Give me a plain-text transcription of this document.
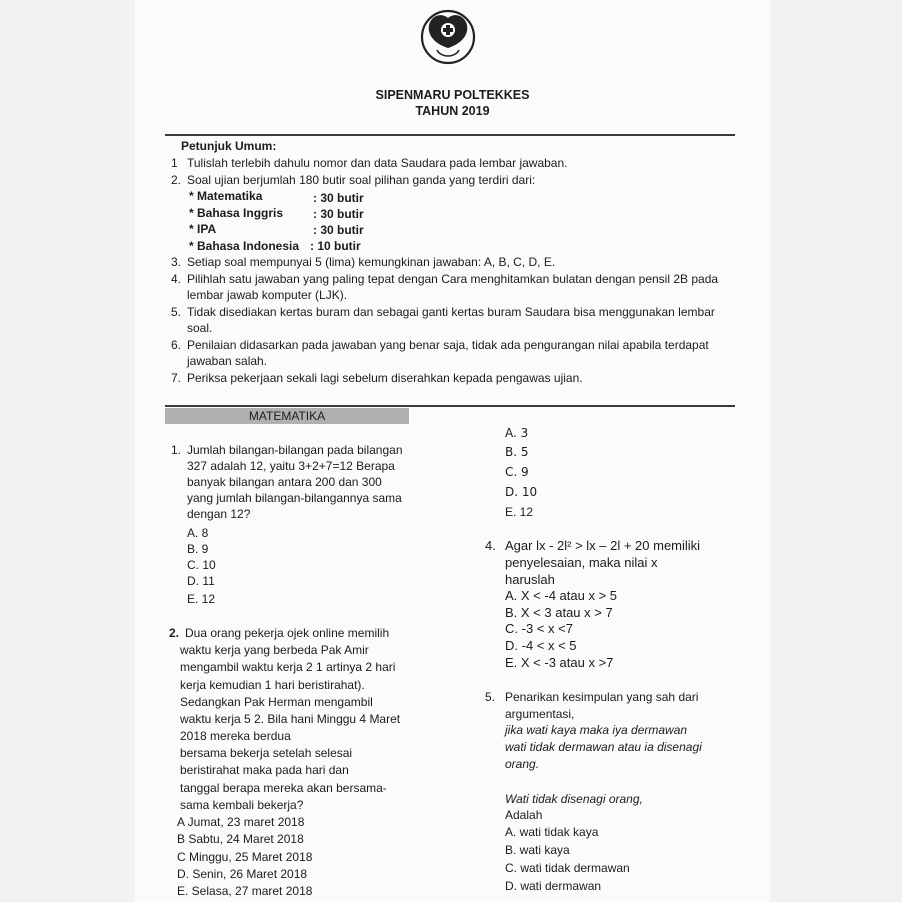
SIPENMARU POLTEKKES
TAHUN 2019
Petunjuk Umum:
1 Tulislah terlebih dahulu nomor dan data Saudara pada lembar jawaban.
2. Soal ujian berjumlah 180 butir soal pilihan ganda yang terdiri dari:
* Matematika	: 30 butir
* Bahasa Inggris : 30 butir
* IPA	: 30 butir
* Bahasa Indonesia : 10 butir
3. Setiap soal mempunyai 5 (lima) kemungkinan jawaban: A, B, C, D, E.
4. Pilihlah satu jawaban yang paling tepat dengan Cara menghitamkan bulatan dengan pensil 2B pada
lembar jawab komputer (LJK).
5. Tidak disediakan kertas buram dan sebagai ganti kertas buram Saudara bisa menggunakan lembar
soal.
6. Penilaian didasarkan pada jawaban yang benar saja, tidak ada pengurangan nilai apabila terdapat
jawaban salah.
7. Periksa pekerjaan sekali lagi sebelum diserahkan kepada pengawas ujian.
MATEMATIKA
1. Jumlah bilangan-bilangan pada bilangan
327 adalah 12, yaitu 3+2+7=12 Berapa
banyak bilangan antara 200 dan 300
yang jumlah bilangan-bilangannya sama
dengan 12?
A. 8
B. 9
C. 10
D. 11
E. 12
2. Dua orang pekerja ojek online memilih
waktu kerja yang berbeda Pak Amir
mengambil waktu kerja 2 1 artinya 2 hari
kerja kemudian 1 hari beristirahat).
Sedangkan Pak Herman mengambil
waktu kerja 5 2. Bila hani Minggu 4 Maret
2018 mereka berdua
bersama bekerja setelah selesai
beristirahat maka pada hari dan
tanggal berapa mereka akan bersama-
sama kembali bekerja?
A Jumat, 23 maret 2018
B Sabtu, 24 Maret 2018
C Minggu, 25 Maret 2018
D. Senin, 26 Maret 2018
E. Selasa, 27 maret 2018
A. 3
B. 5
C. 9
D. 10
E. 12
4. Agar lx - 2l² > lx – 2l + 20 memiliki
penyelesaian, maka nilai x
haruslah
A. X < -4 atau x > 5
B. X < 3 atau x > 7
C. -3 < x <7
D. -4 < x < 5
E. X < -3 atau x >7
5. Penarikan kesimpulan yang sah dari
argumentasi,
jika wati kaya maka iya dermawan
wati tidak dermawan atau ia disenagi
orang.
Wati tidak disenagi orang,
Adalah
A. wati tidak kaya
B. wati kaya
C. wati tidak dermawan
D. wati dermawan
